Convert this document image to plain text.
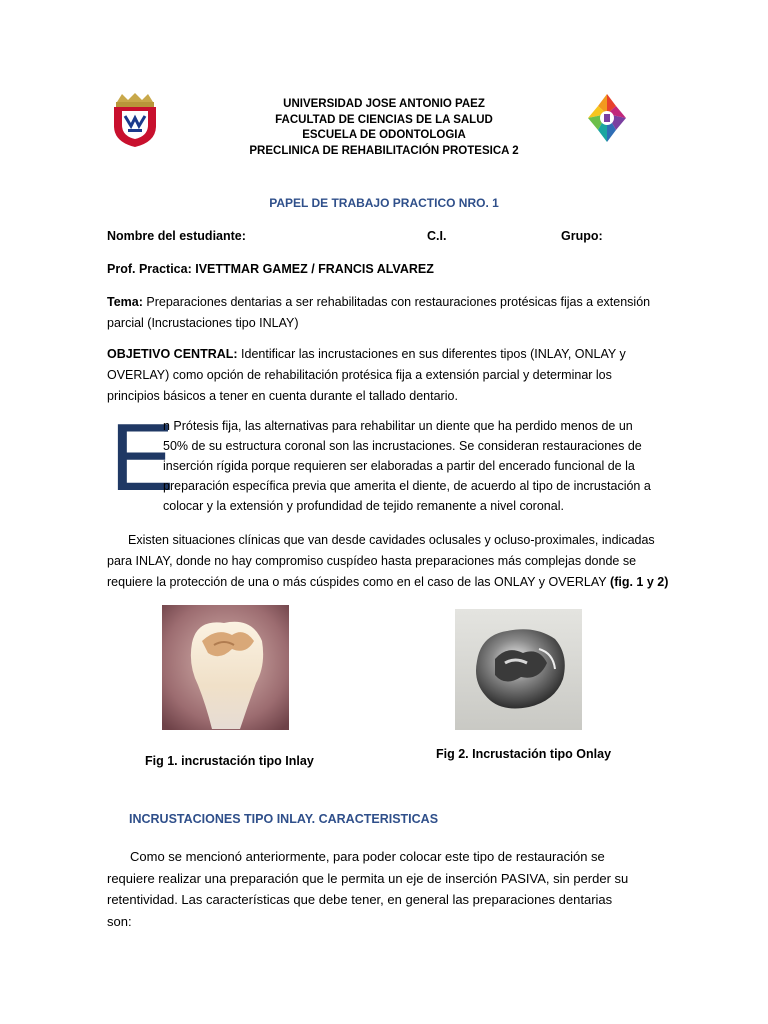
UNIVERSIDAD JOSE ANTONIO PAEZ
FACULTAD DE CIENCIAS DE LA SALUD
ESCUELA DE ODONTOLOGIA
PRECLINICA DE REHABILITACIÓN PROTESICA 2
PAPEL DE TRABAJO PRACTICO NRO. 1
Nombre del estudiante:	C.I.	Grupo:
Prof. Practica: IVETTMAR GAMEZ / FRANCIS ALVAREZ
Tema: Preparaciones dentarias a ser rehabilitadas con restauraciones protésicas fijas a extensión
parcial (Incrustaciones tipo INLAY)
OBJETIVO CENTRAL: Identificar las incrustaciones en sus diferentes tipos (INLAY, ONLAY y
OVERLAY) como opción de rehabilitación protésica fija a extensión parcial y determinar los
principios básicos a tener en cuenta durante el tallado dentario.
E
n Prótesis fija, las alternativas para rehabilitar un diente que ha perdido menos de un
50% de su estructura coronal son las incrustaciones. Se consideran restauraciones de
inserción rígida porque requieren ser elaboradas a partir del encerado funcional de la
preparación específica previa que amerita el diente, de acuerdo al tipo de incrustación a
colocar y la extensión y profundidad de tejido remanente a nivel coronal.
Existen situaciones clínicas que van desde cavidades oclusales y ocluso-proximales, indicadas
para INLAY, donde no hay compromiso cuspídeo hasta preparaciones más complejas donde se
requiere la protección de una o más cúspides como en el caso de las ONLAY y OVERLAY (fig. 1 y 2)
Fig 1. incrustación tipo Inlay	Fig 2. Incrustación tipo Onlay
INCRUSTACIONES TIPO INLAY. CARACTERISTICAS
Como se mencionó anteriormente, para poder colocar este tipo de restauración se
requiere realizar una preparación que le permita un eje de inserción PASIVA, sin perder su
retentividad. Las características que debe tener, en general las preparaciones dentarias
son:
